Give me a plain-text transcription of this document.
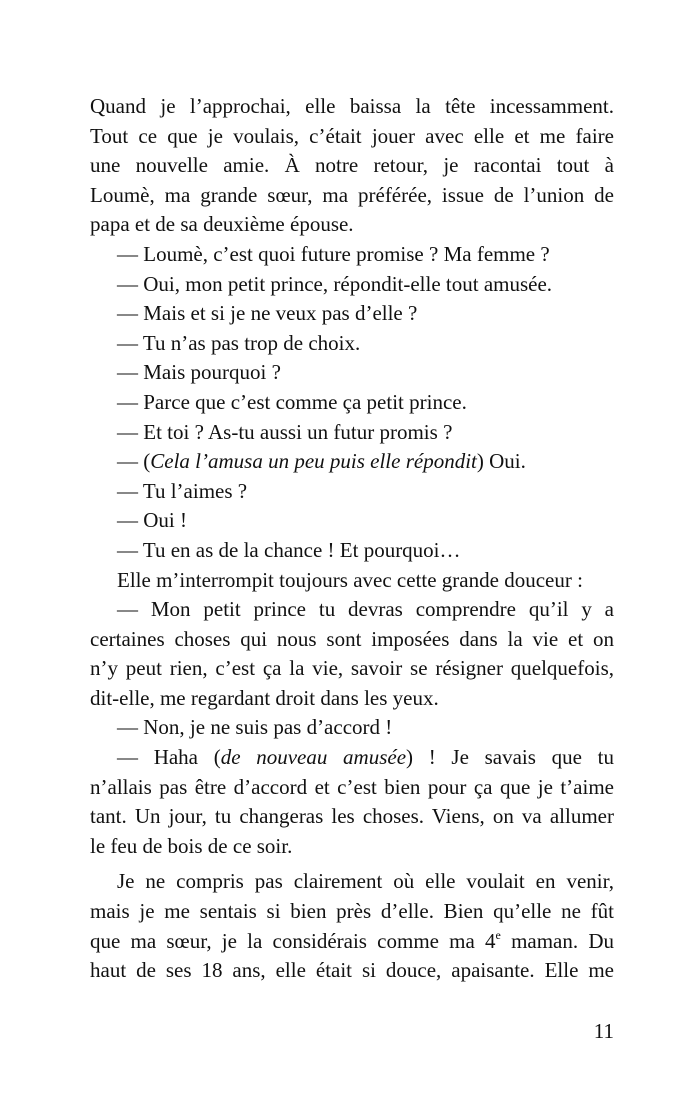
Quand je l’approchai, elle baissa la tête incessamment.
Tout ce que je voulais, c’était jouer avec elle et me faire
une nouvelle amie. À notre retour, je racontai tout à
Loumè, ma grande sœur, ma préférée, issue de l’union de
papa et de sa deuxième épouse.
— Loumè, c’est quoi future promise ? Ma femme ?
— Oui, mon petit prince, répondit-elle tout amusée.
— Mais et si je ne veux pas d’elle ?
— Tu n’as pas trop de choix.
— Mais pourquoi ?
— Parce que c’est comme ça petit prince.
— Et toi ? As-tu aussi un futur promis ?
— (Cela l’amusa un peu puis elle répondit) Oui.
— Tu l’aimes ?
— Oui !
— Tu en as de la chance ! Et pourquoi…
Elle m’interrompit toujours avec cette grande douceur :
— Mon petit prince tu devras comprendre qu’il y a
certaines choses qui nous sont imposées dans la vie et on
n’y peut rien, c’est ça la vie, savoir se résigner quelquefois,
dit-elle, me regardant droit dans les yeux.
— Non, je ne suis pas d’accord !
— Haha (de nouveau amusée) ! Je savais que tu
n’allais pas être d’accord et c’est bien pour ça que je t’aime
tant. Un jour, tu changeras les choses. Viens, on va allumer
le feu de bois de ce soir.
Je ne compris pas clairement où elle voulait en venir,
mais je me sentais si bien près d’elle. Bien qu’elle ne fût
que ma sœur, je la considérais comme ma 4e maman. Du
haut de ses 18 ans, elle était si douce, apaisante. Elle me
11
